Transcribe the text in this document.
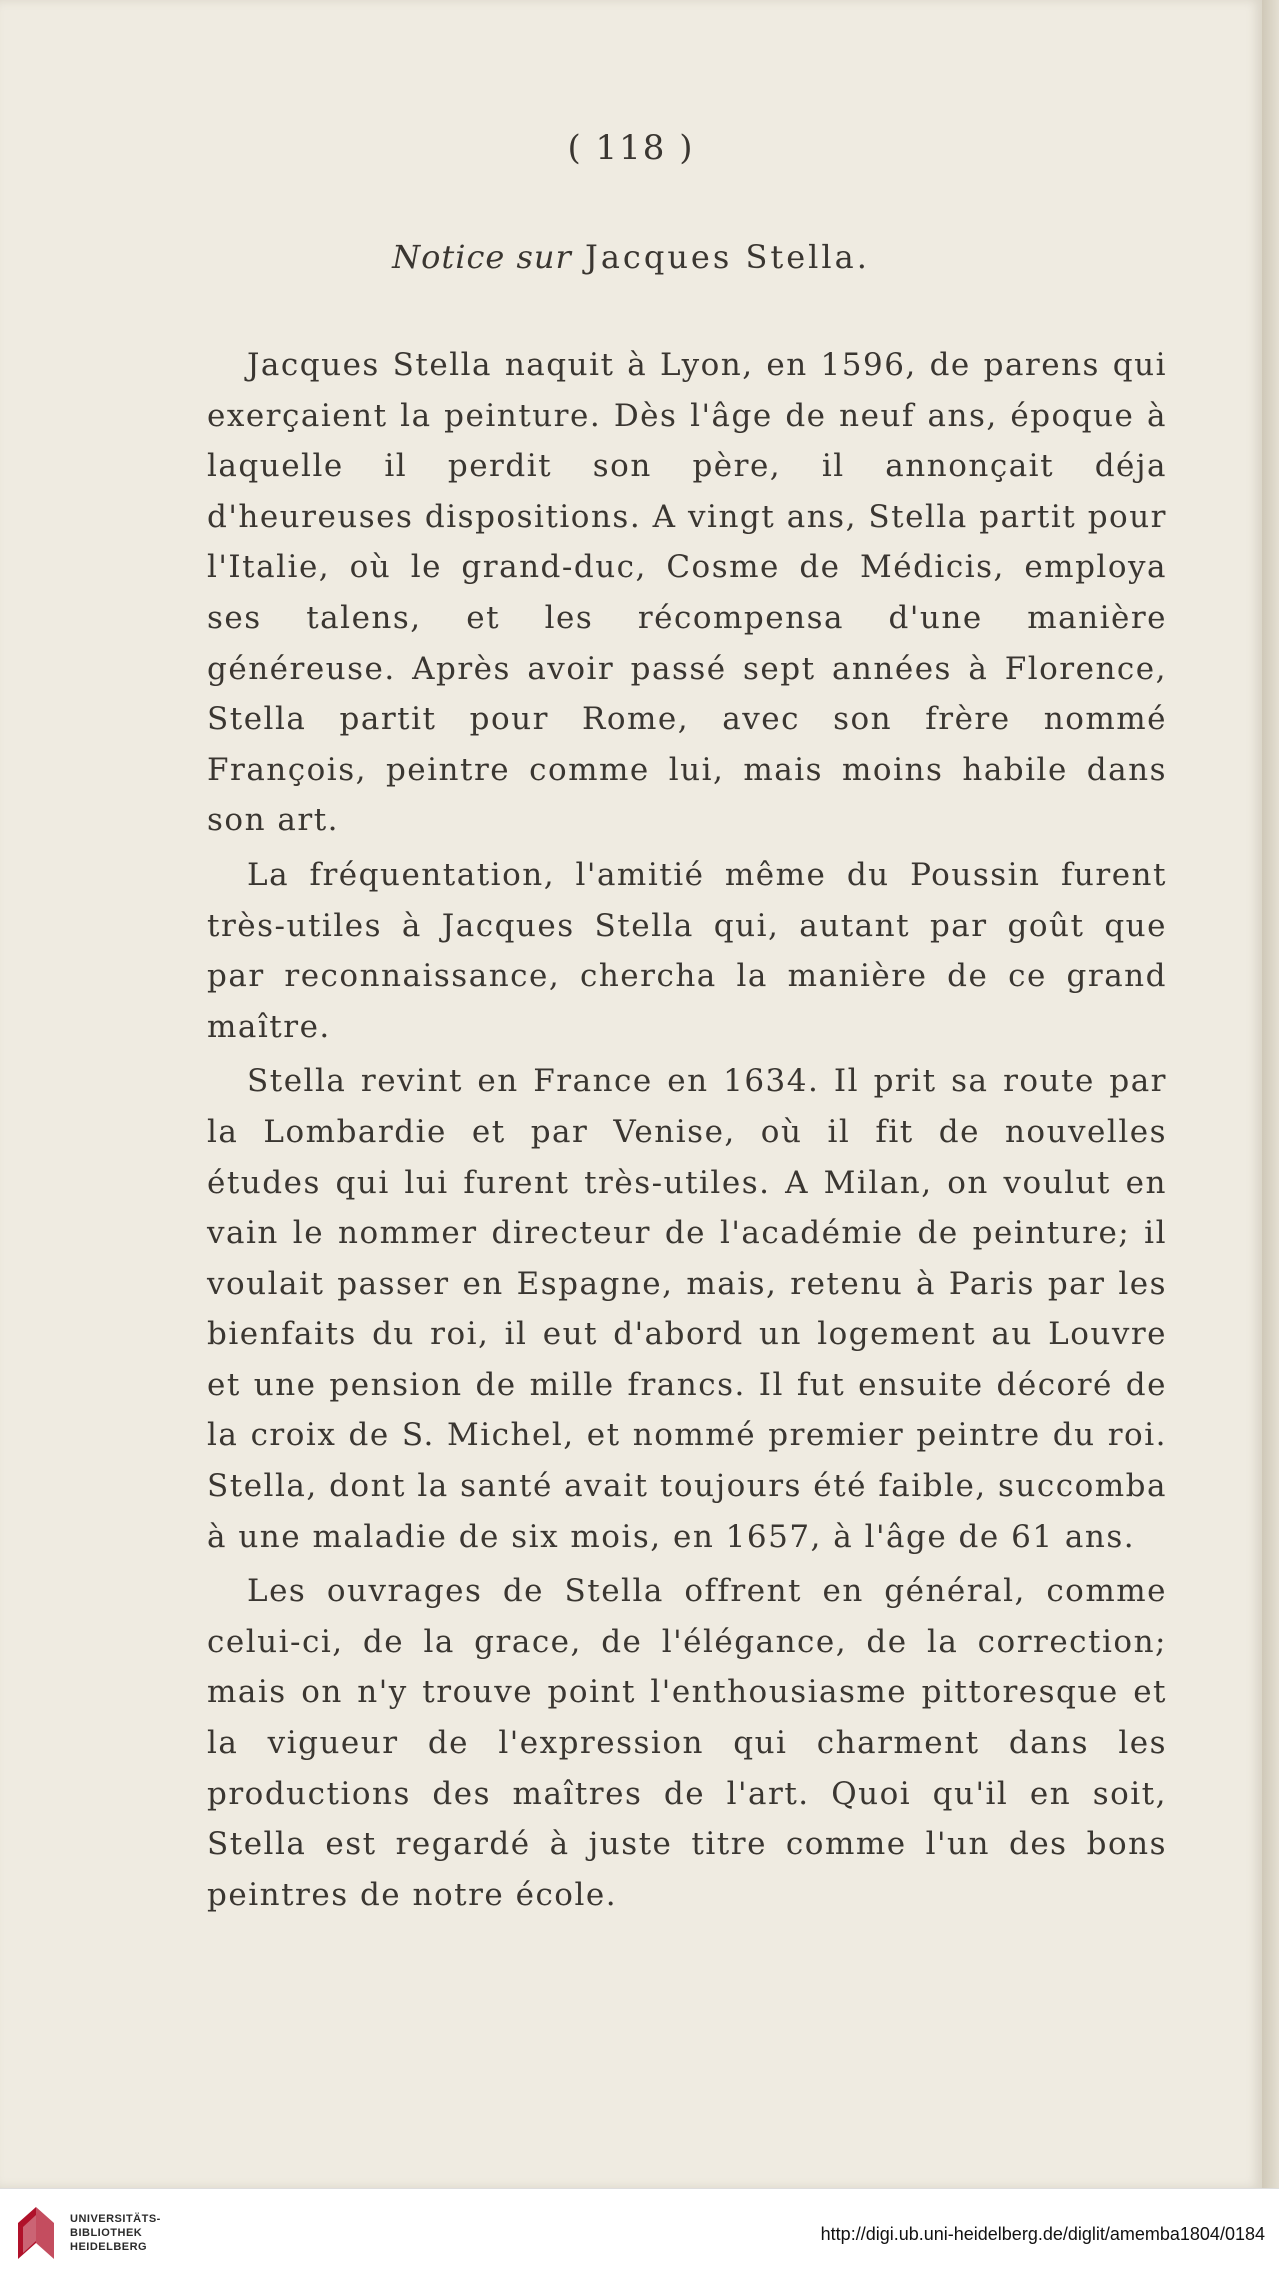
( 118 )
Notice sur Jacques Stella.

Jacques Stella naquit à Lyon, en 1596, de parens qui exerçaient la peinture. Dès l'âge de neuf ans, époque à laquelle il perdit son père, il annonçait déja d'heureuses dispositions. A vingt ans, Stella partit pour l'Italie, où le grand-duc, Cosme de Médicis, employa ses talens, et les récompensa d'une manière généreuse. Après avoir passé sept années à Florence, Stella partit pour Rome, avec son frère nommé François, peintre comme lui, mais moins habile dans son art.

La fréquentation, l'amitié même du Poussin furent très-utiles à Jacques Stella qui, autant par goût que par reconnaissance, chercha la manière de ce grand maître.

Stella revint en France en 1634. Il prit sa route par la Lombardie et par Venise, où il fit de nouvelles études qui lui furent très-utiles. A Milan, on voulut en vain le nommer directeur de l'académie de peinture; il voulait passer en Espagne, mais, retenu à Paris par les bienfaits du roi, il eut d'abord un logement au Louvre et une pension de mille francs. Il fut ensuite décoré de la croix de S. Michel, et nommé premier peintre du roi. Stella, dont la santé avait toujours été faible, succomba à une maladie de six mois, en 1657, à l'âge de 61 ans.

Les ouvrages de Stella offrent en général, comme celui-ci, de la grace, de l'élégance, de la correction; mais on n'y trouve point l'enthousiasme pittoresque et la vigueur de l'expression qui charment dans les productions des maîtres de l'art. Quoi qu'il en soit, Stella est regardé à juste titre comme l'un des bons peintres de notre école.

UNIVERSITÄTS-
BIBLIOTHEK
HEIDELBERG
http://digi.ub.uni-heidelberg.de/diglit/amemba1804/0184
